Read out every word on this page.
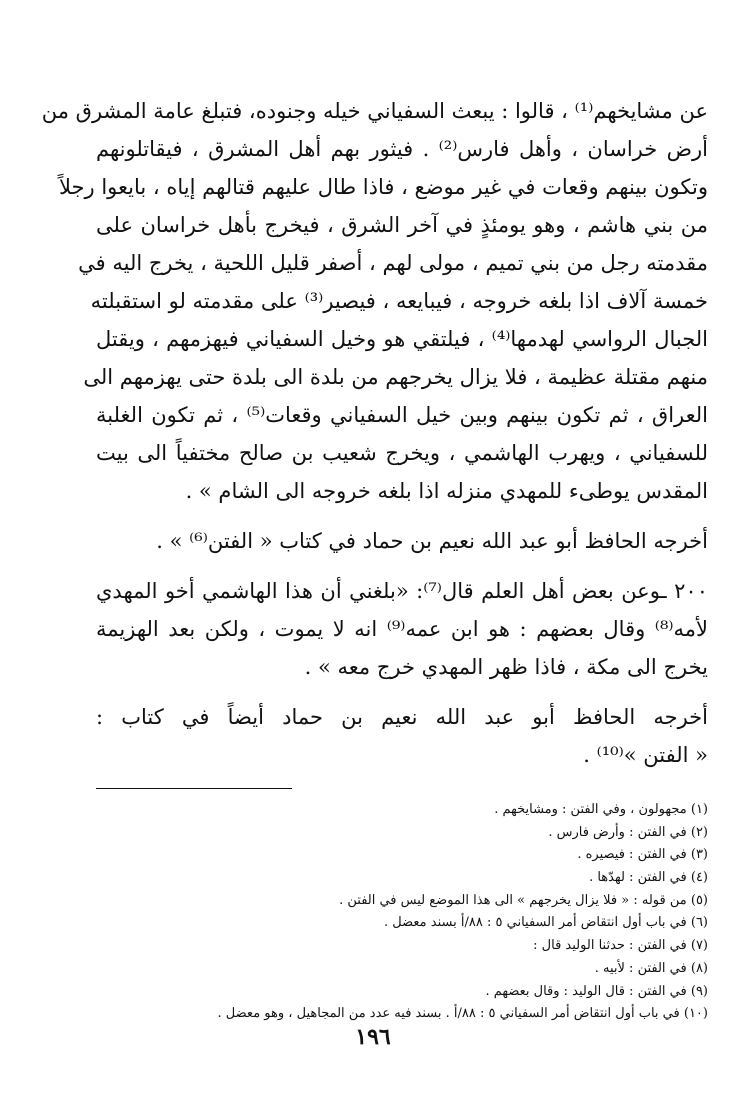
عن مشايخهم⁽¹⁾ ، قالوا : يبعث السفياني خيله وجنوده، فتبلغ عامة المشرق من
أرض خراسان ، وأهل فارس⁽²⁾ . فيثور بهم أهل المشرق ، فيقاتلونهم
وتكون بينهم وقعات في غير موضع ، فاذا طال عليهم قتالهم إياه ، بايعوا رجلاً
من بني هاشم ، وهو يومئذٍ في آخر الشرق ، فيخرج بأهل خراسان على
مقدمته رجل من بني تميم ، مولى لهم ، أصفر قليل اللحية ، يخرج اليه في
خمسة آلاف اذا بلغه خروجه ، فيبايعه ، فيصير⁽³⁾ على مقدمته لو استقبلته
الجبال الرواسي لهدمها⁽⁴⁾ ، فيلتقي هو وخيل السفياني فيهزمهم ، ويقتل
منهم مقتلة عظيمة ، فلا يزال يخرجهم من بلدة الى بلدة حتى يهزمهم الى
العراق ، ثم تكون بينهم وبين خيل السفياني وقعات⁽⁵⁾ ، ثم تكون الغلبة
للسفياني ، ويهرب الهاشمي ، ويخرج شعيب بن صالح مختفياً الى بيت
المقدس يوطىء للمهدي منزله اذا بلغه خروجه الى الشام » .
أخرجه الحافظ أبو عبد الله نعيم بن حماد في كتاب « الفتن⁽⁶⁾ » .
٢٠٠ ـوعن بعض أهل العلم قال⁽⁷⁾: «بلغني أن هذا الهاشمي أخو المهدي
لأمه⁽⁸⁾ وقال بعضهم : هو ابن عمه⁽⁹⁾ انه لا يموت ، ولكن بعد الهزيمة
يخرج الى مكة ، فاذا ظهر المهدي خرج معه » .
أخرجه الحافظ أبو عبد الله نعيم بن حماد أيضاً في كتاب :
« الفتن »⁽¹⁰⁾ .
(١) مجهولون ، وفي الفتن : ومشايخهم .
(٢) في الفتن : وأرض فارس .
(٣) في الفتن : فيصيره .
(٤) في الفتن : لهدّها .
(٥) من قوله : « فلا يزال يخرجهم » الى هذا الموضع ليس في الفتن .
(٦) في باب أول انتقاض أمر السفياني ٥ : ٨٨/أ بسند معضل .
(٧) في الفتن : حدثنا الوليد قال :
(٨) في الفتن : لأبيه .
(٩) في الفتن : قال الوليد : وقال بعضهم .
(١٠) في باب أول انتقاض أمر السفياني ٥ : ٨٨/أ . بسند فيه عدد من المجاهيل ، وهو معضل .
١٩٦
